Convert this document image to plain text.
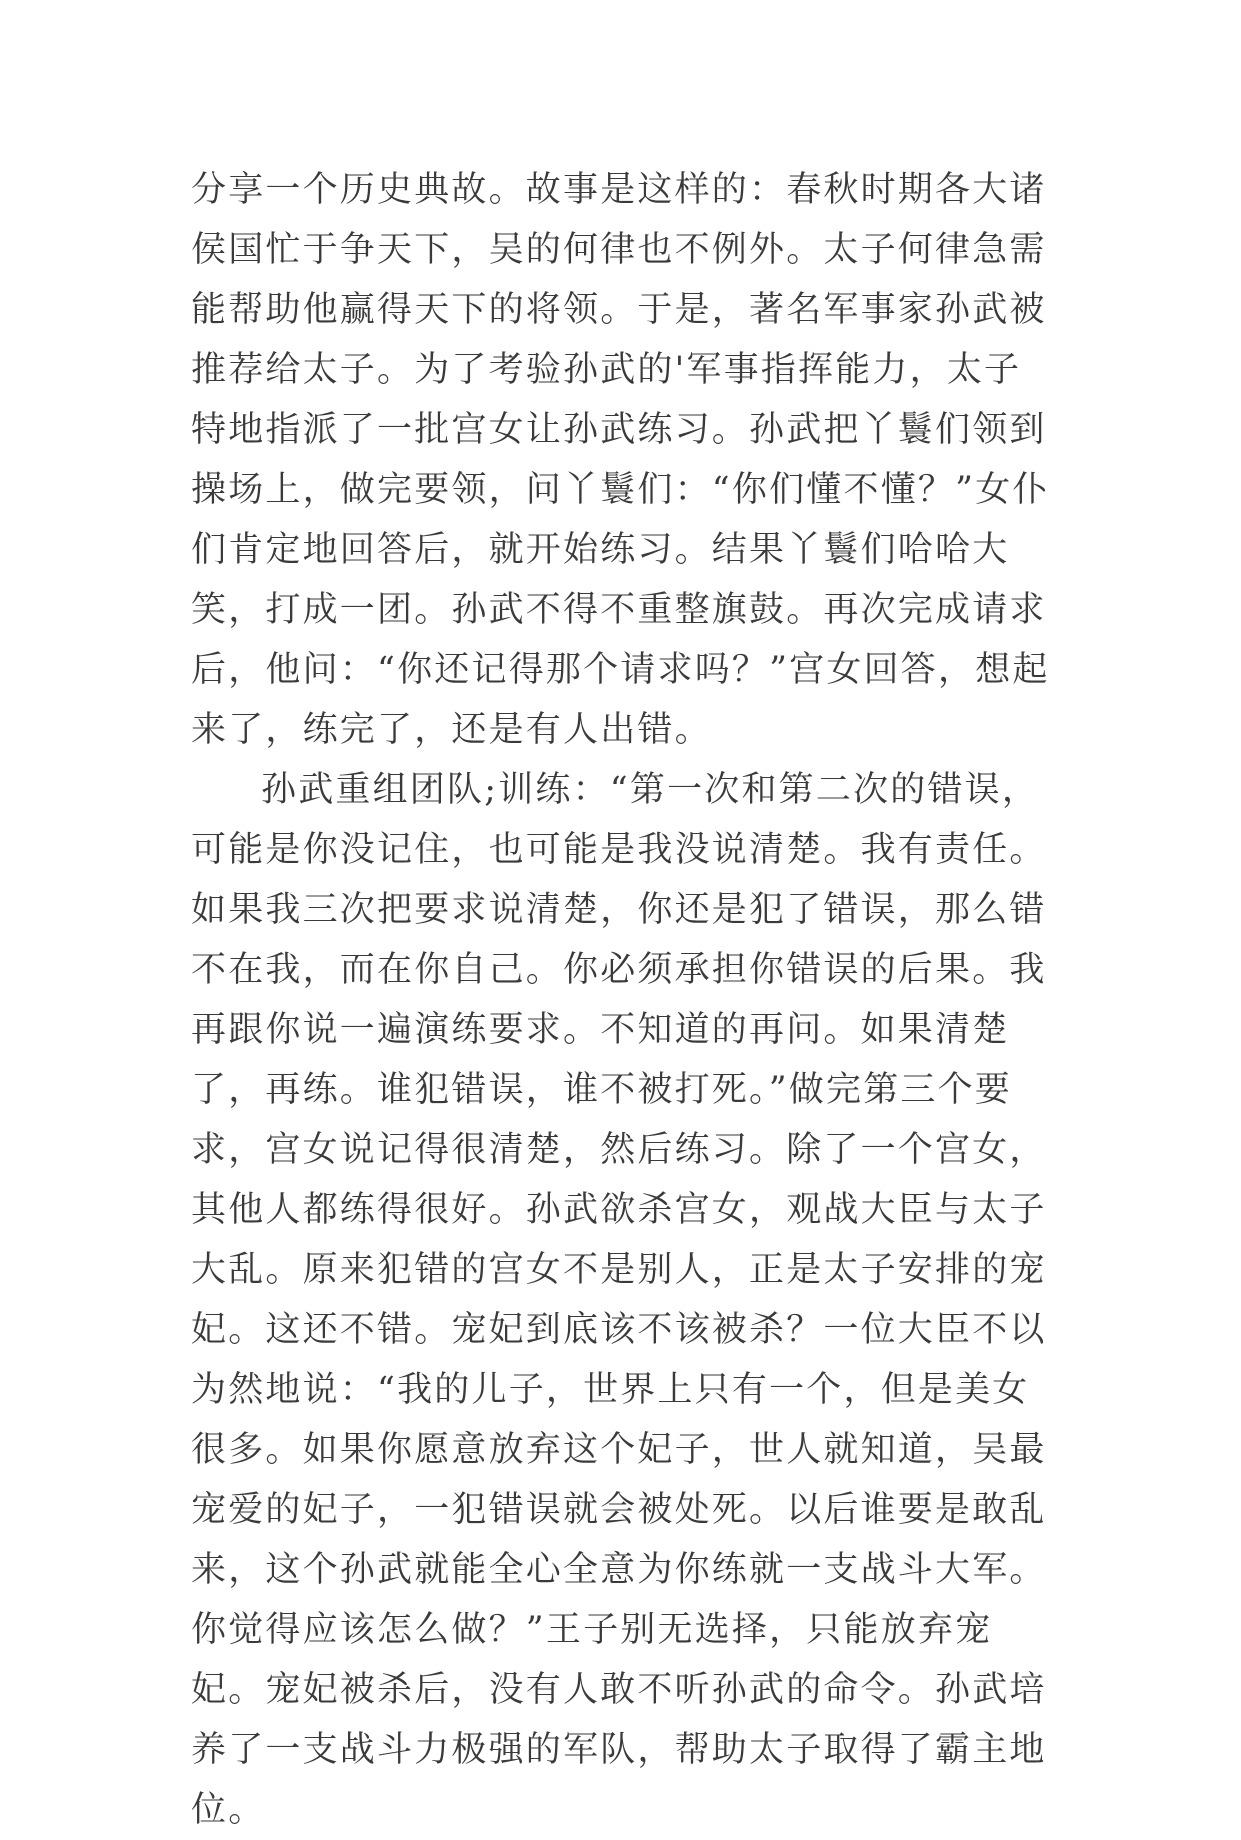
分享一个历史典故。故事是这样的：春秋时期各大诸侯国忙于争天下，吴的何律也不例外。太子何律急需能帮助他赢得天下的将领。于是，著名军事家孙武被推荐给太子。为了考验孙武的'军事指挥能力，太子特地指派了一批宫女让孙武练习。孙武把丫鬟们领到操场上，做完要领，问丫鬟们：“你们懂不懂？”女仆们肯定地回答后，就开始练习。结果丫鬟们哈哈大笑，打成一团。孙武不得不重整旗鼓。再次完成请求后，他问：“你还记得那个请求吗？”宫女回答，想起来了，练完了，还是有人出错。

孙武重组团队;训练：“第一次和第二次的错误，可能是你没记住，也可能是我没说清楚。我有责任。如果我三次把要求说清楚，你还是犯了错误，那么错不在我，而在你自己。你必须承担你错误的后果。我再跟你说一遍演练要求。不知道的再问。如果清楚了，再练。谁犯错误，谁不被打死。”做完第三个要求，宫女说记得很清楚，然后练习。除了一个宫女，其他人都练得很好。孙武欲杀宫女，观战大臣与太子大乱。原来犯错的宫女不是别人，正是太子安排的宠妃。这还不错。宠妃到底该不该被杀？一位大臣不以为然地说：“我的儿子，世界上只有一个，但是美女很多。如果你愿意放弃这个妃子，世人就知道，吴最宠爱的妃子，一犯错误就会被处死。以后谁要是敢乱来，这个孙武就能全心全意为你练就一支战斗大军。你觉得应该怎么做？”王子别无选择，只能放弃宠妃。宠妃被杀后，没有人敢不听孙武的命令。孙武培养了一支战斗力极强的军队，帮助太子取得了霸主地位。
